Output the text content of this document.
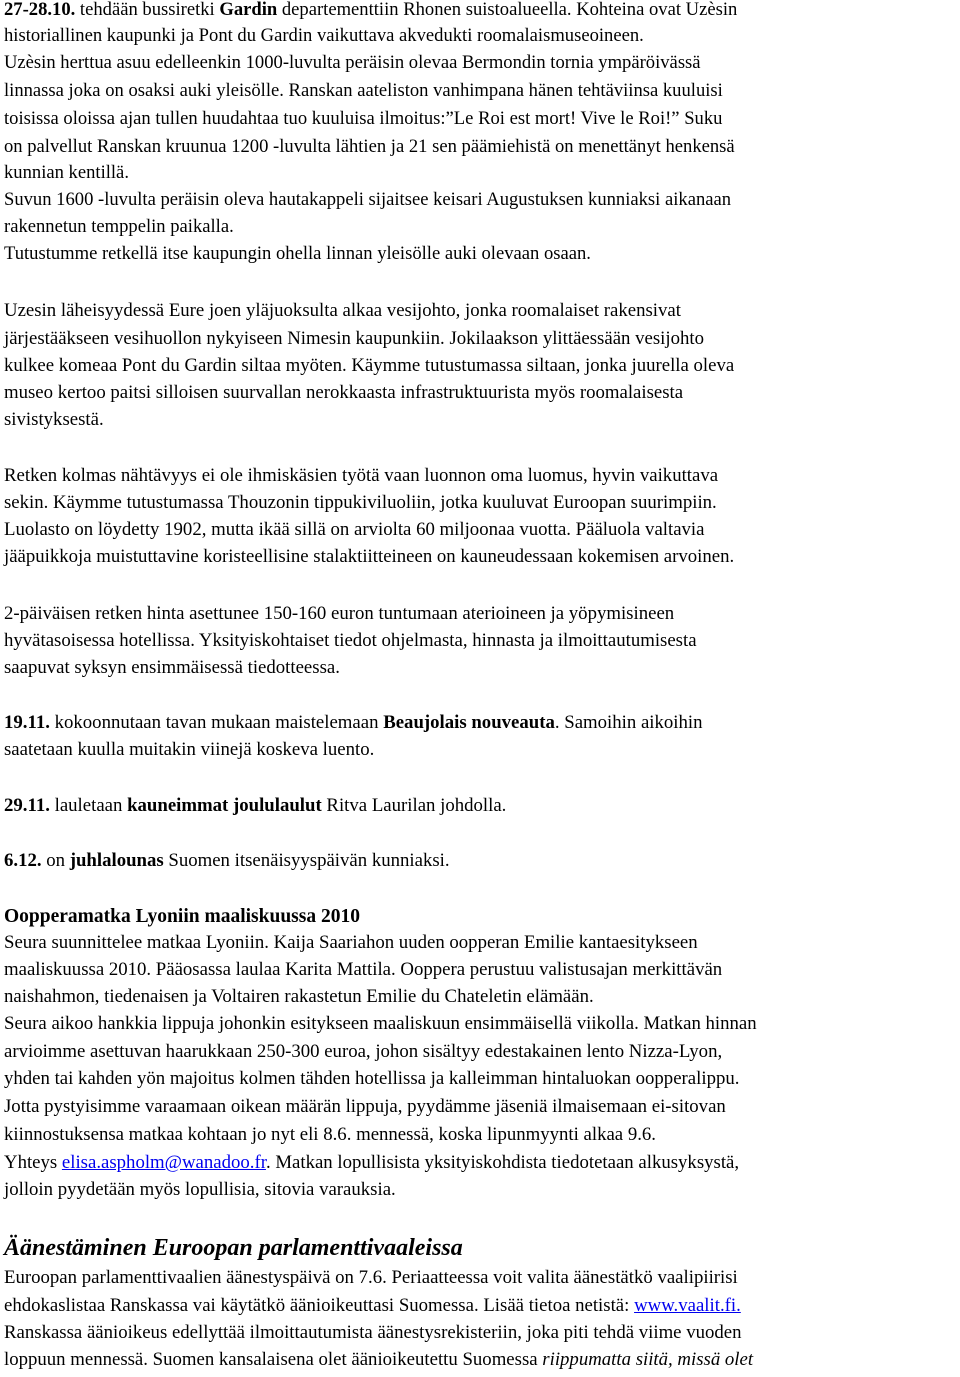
27-28.10. tehdään bussiretki Gardin departementtiin Rhonen suistoalueella. Kohteina ovat Uzèsin
historiallinen kaupunki ja Pont du Gardin vaikuttava akvedukti roomalaismuseoineen.
Uzèsin herttua asuu edelleenkin 1000-luvulta peräisin olevaa Bermondin tornia ympäröivässä
linnassa joka on osaksi auki yleisölle. Ranskan aateliston vanhimpana hänen tehtäviinsa kuuluisi
toisissa oloissa ajan tullen huudahtaa tuo kuuluisa ilmoitus:”Le Roi est mort! Vive le Roi!” Suku
on palvellut Ranskan kruunua 1200 -luvulta lähtien ja 21 sen päämiehistä on menettänyt henkensä
kunnian kentillä.
Suvun 1600 -luvulta peräisin oleva hautakappeli sijaitsee keisari Augustuksen kunniaksi aikanaan
rakennetun temppelin paikalla.
Tutustumme retkellä itse kaupungin ohella linnan yleisölle auki olevaan osaan.
Uzesin läheisyydessä Eure joen yläjuoksulta alkaa vesijohto, jonka roomalaiset rakensivat
järjestääkseen vesihuollon nykyiseen Nimesin kaupunkiin. Jokilaakson ylittäessään vesijohto
kulkee komeaa Pont du Gardin siltaa myöten. Käymme tutustumassa siltaan, jonka juurella oleva
museo kertoo paitsi silloisen suurvallan nerokkaasta infrastruktuurista myös roomalaisesta
sivistyksestä.
Retken kolmas nähtävyys ei ole ihmiskäsien työtä vaan luonnon oma luomus, hyvin vaikuttava
sekin. Käymme tutustumassa Thouzonin tippukiviluoliin, jotka kuuluvat Euroopan suurimpiin.
Luolasto on löydetty 1902, mutta ikää sillä on arviolta 60 miljoonaa vuotta. Pääluola valtavia
jääpuikkoja muistuttavine koristeellisine stalaktiitteineen on kauneudessaan kokemisen arvoinen.
2-päiväisen retken hinta asettunee 150-160 euron tuntumaan aterioineen ja yöpymisineen
hyvätasoisessa hotellissa. Yksityiskohtaiset tiedot ohjelmasta, hinnasta ja ilmoittautumisesta
saapuvat syksyn ensimmäisessä tiedotteessa.
19.11. kokoonnutaan tavan mukaan maistelemaan Beaujolais nouveauta. Samoihin aikoihin
saatetaan kuulla muitakin viinejä koskeva luento.
29.11. lauletaan kauneimmat joululaulut Ritva Laurilan johdolla.
6.12. on juhlalounas Suomen itsenäisyyspäivän kunniaksi.
Oopperamatka Lyoniin maaliskuussa 2010
Seura suunnittelee matkaa Lyoniin. Kaija Saariahon uuden oopperan Emilie kantaesitykseen
maaliskuussa 2010. Pääosassa laulaa Karita Mattila. Ooppera perustuu valistusajan merkittävän
naishahmon, tiedenaisen ja Voltairen rakastetun Emilie du Chateletin elämään.
Seura aikoo hankkia lippuja johonkin esitykseen maaliskuun ensimmäisellä viikolla. Matkan hinnan
arvioimme asettuvan haarukkaan 250-300 euroa, johon sisältyy edestakainen lento Nizza-Lyon,
yhden tai kahden yön majoitus kolmen tähden hotellissa ja kalleimman hintaluokan oopperalippu.
Jotta pystyisimme varaamaan oikean määrän lippuja, pyydämme jäseniä ilmaisemaan ei-sitovan
kiinnostuksensa matkaa kohtaan jo nyt eli 8.6. mennessä, koska lipunmyynti alkaa 9.6.
Yhteys elisa.aspholm@wanadoo.fr. Matkan lopullisista yksityiskohdista tiedotetaan alkusyksystä,
jolloin pyydetään myös lopullisia, sitovia varauksia.
Äänestäminen Euroopan parlamenttivaaleissa
Euroopan parlamenttivaalien äänestyspäivä on 7.6. Periaatteessa voit valita äänestätkö vaalipiirisi
ehdokaslistaa Ranskassa vai käytätkö äänioikeuttasi Suomessa. Lisää tietoa netistä: www.vaalit.fi.
Ranskassa äänioikeus edellyttää ilmoittautumista äänestysrekisteriin, joka piti tehdä viime vuoden
loppuun mennessä. Suomen kansalaisena olet äänioikeutettu Suomessa riippumatta siitä, missä olet
